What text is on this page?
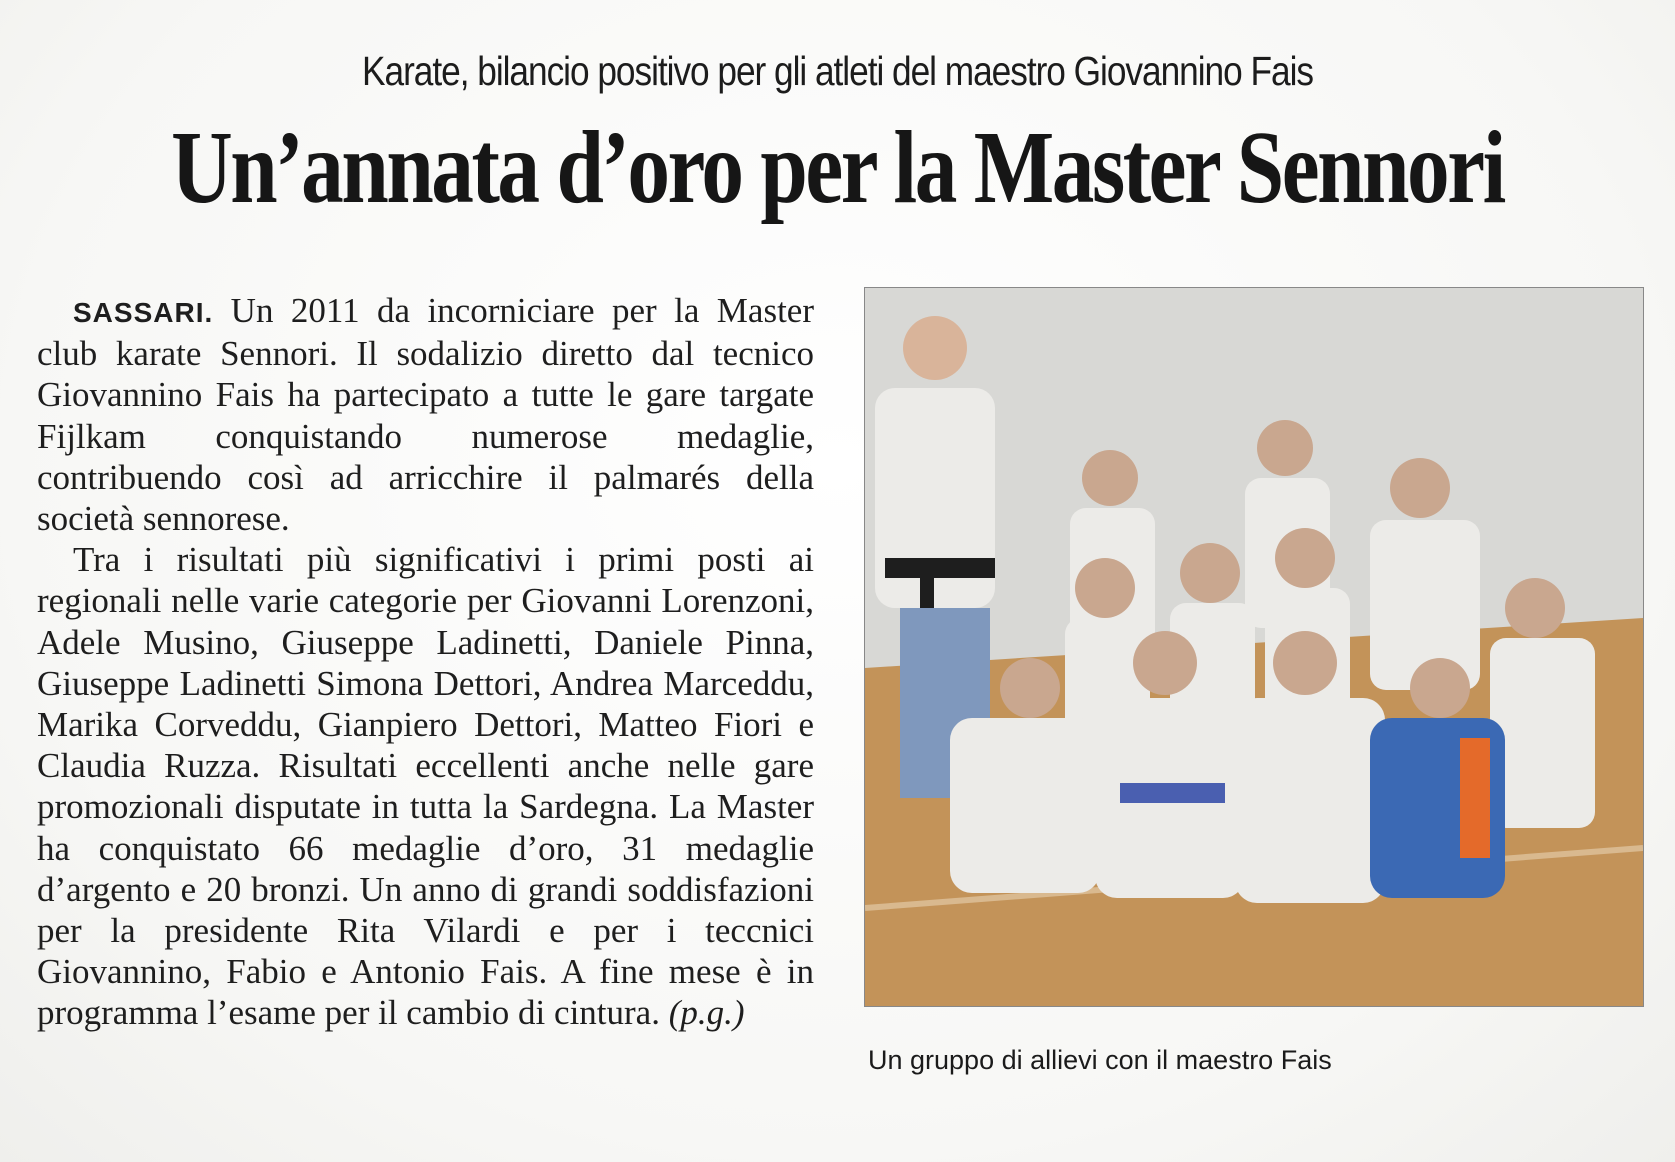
Karate, bilancio positivo per gli atleti del maestro Giovannino Fais
Un’annata d’oro per la Master Sennori

SASSARI. Un 2011 da incorniciare per la Master club karate Sennori. Il sodalizio diretto dal tecnico Giovannino Fais ha partecipato a tutte le gare targate Fijlkam conquistando numerose medaglie, contribuendo così ad arricchire il palmarés della società sennorese.

Tra i risultati più significativi i primi posti ai regionali nelle varie categorie per Giovanni Lorenzoni, Adele Musino, Giuseppe Ladinetti, Daniele Pinna, Giuseppe Ladinetti Simona Dettori, Andrea Marceddu, Marika Corveddu, Gianpiero Dettori, Matteo Fiori e Claudia Ruzza. Risultati eccellenti anche nelle gare promozionali disputate in tutta la Sardegna. La Master ha conquistato 66 medaglie d’oro, 31 medaglie d’argento e 20 bronzi. Un anno di grandi soddisfazioni per la presidente Rita Vilardi e per i teccnici Giovannino, Fabio e Antonio Fais. A fine mese è in programma l’esame per il cambio di cintura. (p.g.)

Un gruppo di allievi con il maestro Fais
